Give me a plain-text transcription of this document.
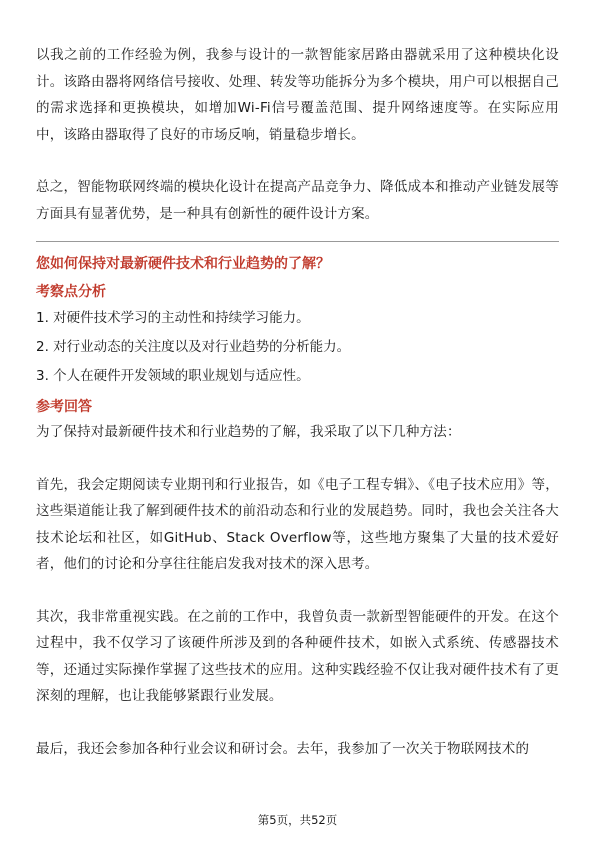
以我之前的工作经验为例，我参与设计的一款智能家居路由器就采用了这种模块化设计。该路由器将网络信号接收、处理、转发等功能拆分为多个模块，用户可以根据自己的需求选择和更换模块，如增加Wi-Fi信号覆盖范围、提升网络速度等。在实际应用中，该路由器取得了良好的市场反响，销量稳步增长。

总之，智能物联网终端的模块化设计在提高产品竞争力、降低成本和推动产业链发展等方面具有显著优势，是一种具有创新性的硬件设计方案。

您如何保持对最新硬件技术和行业趋势的了解？

考察点分析

1. 对硬件技术学习的主动性和持续学习能力。

2. 对行业动态的关注度以及对行业趋势的分析能力。

3. 个人在硬件开发领域的职业规划与适应性。

参考回答

为了保持对最新硬件技术和行业趋势的了解，我采取了以下几种方法：

首先，我会定期阅读专业期刊和行业报告，如《电子工程专辑》、《电子技术应用》等，这些渠道能让我了解到硬件技术的前沿动态和行业的发展趋势。同时，我也会关注各大技术论坛和社区，如GitHub、Stack Overflow等，这些地方聚集了大量的技术爱好者，他们的讨论和分享往往能启发我对技术的深入思考。

其次，我非常重视实践。在之前的工作中，我曾负责一款新型智能硬件的开发。在这个过程中，我不仅学习了该硬件所涉及到的各种硬件技术，如嵌入式系统、传感器技术等，还通过实际操作掌握了这些技术的应用。这种实践经验不仅让我对硬件技术有了更深刻的理解，也让我能够紧跟行业发展。

最后，我还会参加各种行业会议和研讨会。去年，我参加了一次关于物联网技术的

第5页，共52页
